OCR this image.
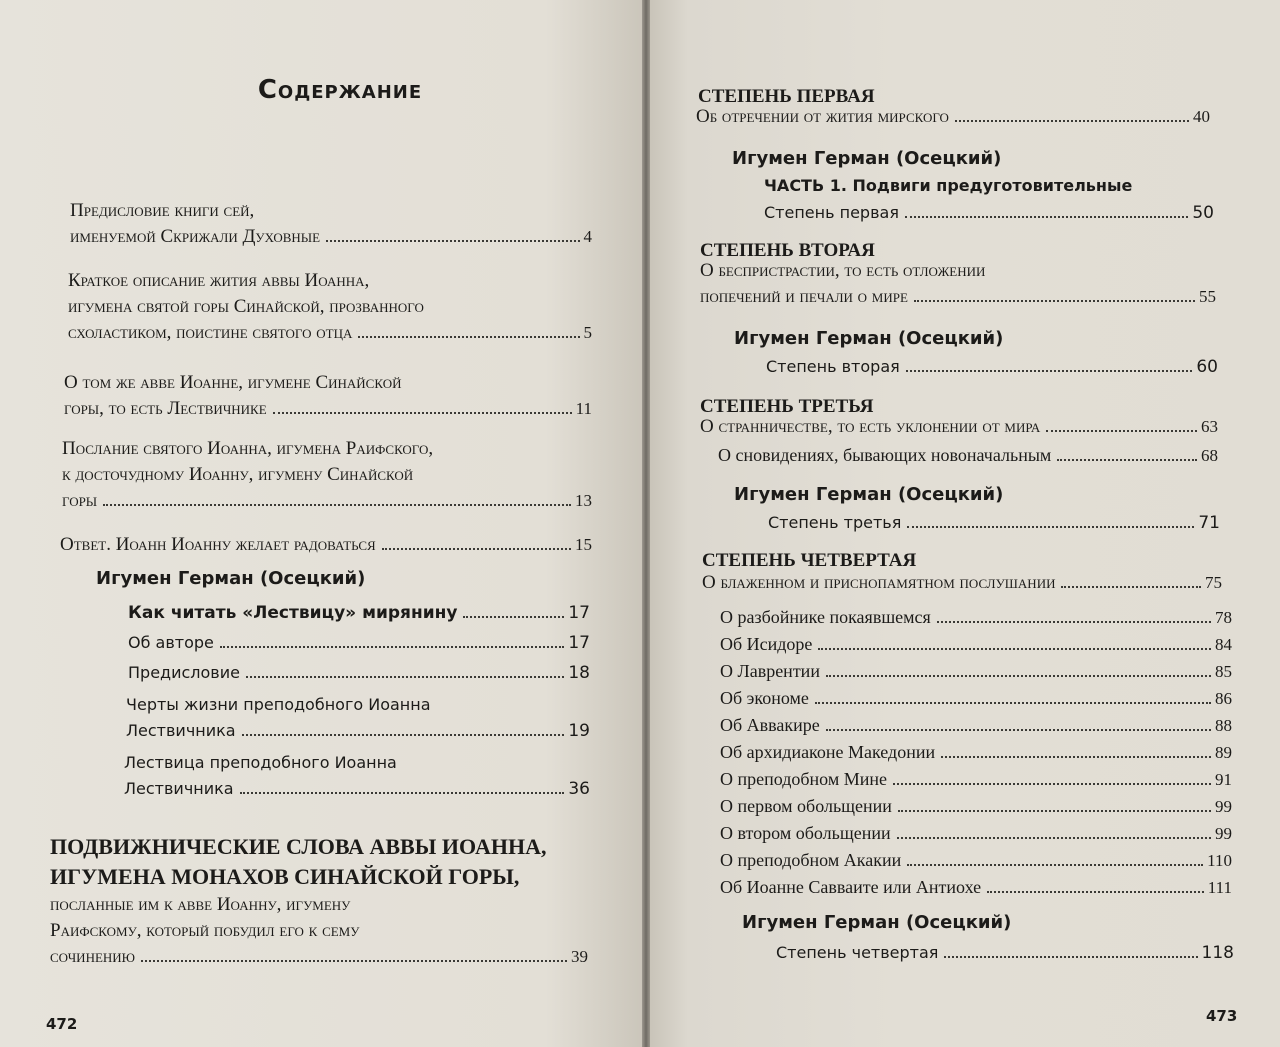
Содержание
Предисловие книги сей,
именуемой Скрижали Духовные	4
Краткое описание жития аввы Иоанна,
игумена святой горы Синайской, прозванного
схоластиком, поистине святого отца	5
О том же авве Иоанне, игумене Синайской
горы, то есть Лествичнике	11
Послание святого Иоанна, игумена Раифского,
к досточудному Иоанну, игумену Синайской
горы	13
Ответ. Иоанн Иоанну желает радоваться	15
Игумен Герман (Осецкий)
Как читать «Лествицу» мирянину	17
Об авторе	17
Предисловие	18
Черты жизни преподобного Иоанна
Лествичника	19
Лествица преподобного Иоанна
Лествичника	36
ПОДВИЖНИЧЕСКИЕ СЛОВА АВВЫ ИОАННА,
ИГУМЕНА МОНАХОВ СИНАЙСКОЙ ГОРЫ,
посланные им к авве Иоанну, игумену
Раифскому, который побудил его к сему
сочинению	39
472
СТЕПЕНЬ ПЕРВАЯ
Об отречении от жития мирского	40
Игумен Герман (Осецкий)
ЧАСТЬ 1. Подвиги предуготовительные
Степень первая	50
СТЕПЕНЬ ВТОРАЯ
О беспристрастии, то есть отложении
попечений и печали о мире	55
Игумен Герман (Осецкий)
Степень вторая	60
СТЕПЕНЬ ТРЕТЬЯ
О странничестве, то есть уклонении от мира	63
О сновидениях, бывающих новоначальным	68
Игумен Герман (Осецкий)
Степень третья	71
СТЕПЕНЬ ЧЕТВЕРТАЯ
О блаженном и приснопамятном послушании	75
О разбойнике покаявшемся	78
Об Исидоре	84
О Лаврентии	85
Об экономе	86
Об Аввакире	88
Об архидиаконе Македонии	89
О преподобном Мине	91
О первом обольщении	99
О втором обольщении	99
О преподобном Акакии	110
Об Иоанне Савваите или Антиохе	111
Игумен Герман (Осецкий)
Степень четвертая	118
473
